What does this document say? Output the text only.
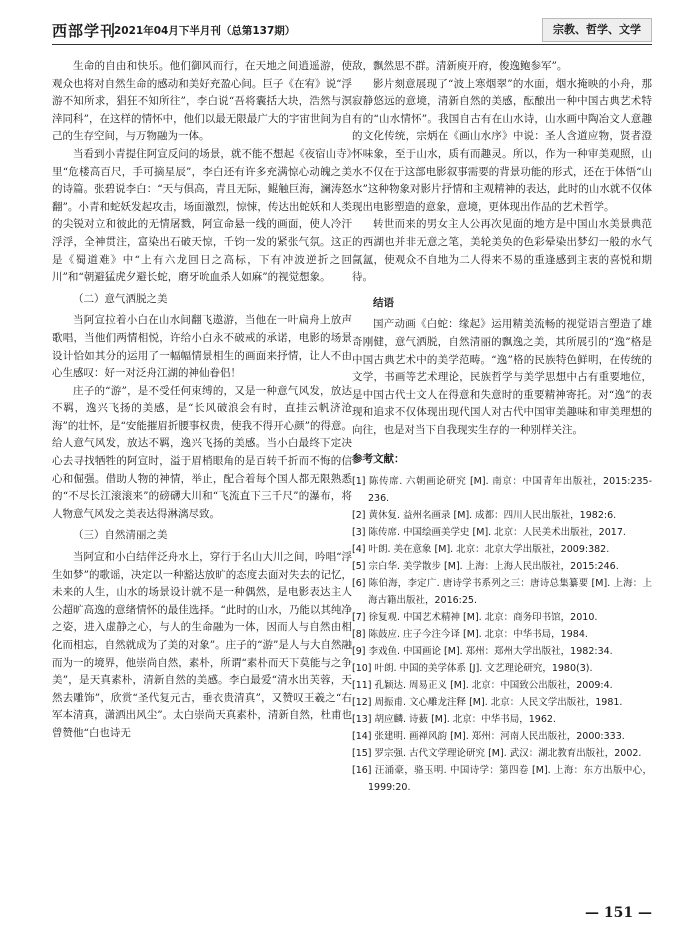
西部学刊
2021年04月下半月刊（总第137期）	宗教、哲学、文学

生命的自由和快乐。他们御风而行，在天地之间逍遥游，使观众也将对自然生命的感动和美好充盈心间。巨子《在宥》说“浮游不知所求，猖狂不知所往”，李白说“吾将囊括大块，浩然与溟涬同科”，在这样的情怀中，他们以最无限最广大的宇宙世间为自己的生存空间，与万物融为一体。

当看到小青提住阿宣反问的场景，就不能不想起《夜宿山寺》里“危楼高百尺，手可摘星辰”，李白还有许多充满惊心动魄之美的诗篇。张碧说李白：“天与俱高，青且无际，鲲触巨海，澜涛怒翻”。小青和蛇妖发起攻击，场面激烈，惊悚，传达出蛇妖和人类的尖锐对立和彼此的无情屠戮，阿宣命悬一线的画面，使人冷汗浮浮，全神贯注，富染出石破天惊，千钧一发的紧张气氛。这正是《蜀道难》中“上有六龙回日之高标，下有冲波逆折之回川”和“朝避猛虎夕避长蛇，磨牙吮血杀人如麻”的视觉想象。

（二）意气洒脱之美

当阿宣拉着小白在山水间翻飞遨游，当他在一叶扁舟上放声歌唱，当他们两情相悦，许给小白永不破戒的承诺，电影的场景设计恰如其分的运用了一幅幅情景相生的画面来抒情，让人不由心生感叹：好一对泛舟江湖的神仙眷侣！

庄子的“游”，是不受任何束缚的，又是一种意气风发，放达不羁，逸兴飞扬的美感，是“长风破浪会有时，直挂云帆济沧海”的壮怀，是“安能摧眉折腰事权贵，使我不得开心颜”的得意。给人意气风发，放达不羁，逸兴飞扬的美感。当小白最终下定决心去寻找牺牲的阿宣时，溢于眉梢眼角的是百转千折而不悔的信心和倔强。借助人物的神情，举止，配合着每个国人都无限熟悉的“不尽长江滚滚来”的磅礴大川和“飞流直下三千尺”的瀑布，将人物意气风发之美表达得淋漓尽致。

（三）自然清丽之美

当阿宣和小白结伴泛舟水上，穿行于名山大川之间，吟唱“浮生如梦”的歌谣，决定以一种豁达放旷的态度去面对失去的记忆，未来的人生，山水的场景设计就不是一种偶然，是电影表达主人公超旷高逸的意绪情怀的最佳选择。“此时的山水，乃能以其纯净之姿，进入虚静之心，与人的生命融为一体，因而人与自然由相化而相忘，自然就成为了美的对象”。庄子的“游”是人与大自然融而为一的境界，他崇尚自然，素朴，所谓“素朴而天下莫能与之争美”，是天真素朴，清新自然的美感。李白最爱“清水出芙蓉，天然去雕饰”，欣赏“圣代复元古，垂衣贵清真”，又赞叹王羲之“右军本清真，潇洒出风尘”。太白崇尚天真素朴，清新自然，杜甫也曾赞他“白也诗无

敌，飘然思不群。清新庾开府，俊逸鲍参军”。

影片刻意展现了“波上寒烟翠”的水面，烟水掩映的小舟，那寂静悠远的意境，清新自然的美感，酝酿出一种中国古典艺术特有的“山水情怀”。我国自古有在山水诗，山水画中陶冶文人意趣的文化传统，宗炳在《画山水序》中说：圣人含道应物，贤者澄怀味象，至于山水，质有而趣灵。所以，作为一种审美观照，山水不仅在于这部电影叙事需要的背景功能的形式，还在于体悟“山水”这种物象对影片抒情和主观精神的表达，此时的山水就不仅体现出电影塑造的意象，意境，更体现出作品的艺术哲学。

转世而来的男女主人公再次见面的地方是中国山水美景典范的西湖也并非无意之笔，美轮美奂的色彩晕染出梦幻一般的水气氤氲，使观众不自地为二人得来不易的重逢感到主衷的喜悦和期待。

结语

国产动画《白蛇：缘起》运用精美流畅的视觉语言塑造了雄奇刚健，意气洒脱，自然清丽的飘逸之美，其所展引的“逸”格是中国古典艺术中的美学范畴。“逸”格的民族特色鲜明，在传统的文学，书画等艺术理论，民族哲学与美学思想中占有重要地位，是中国古代士文人在得意和失意时的重要精神寄托。对“逸”的表现和追求不仅体现出现代国人对古代中国审美趣味和审美理想的向往，也是对当下自我现实生存的一种别样关注。

参考文献：
[1] 陈传席. 六朝画论研究 [M]. 南京：中国青年出版社，2015:235-236.
[2] 黄休复. 益州名画录 [M]. 成都：四川人民出版社，1982:6.
[3] 陈传席. 中国绘画美学史 [M]. 北京：人民美术出版社，2017.
[4] 叶朗. 美在意象 [M]. 北京：北京大学出版社，2009:382.
[5] 宗白华. 美学散步 [M]. 上海：上海人民出版社，2015:246.
[6] 陈伯海，李定广. 唐诗学书系列之三：唐诗总集纂要 [M]. 上海：上海古籍出版社，2016:25.
[7] 徐复观. 中国艺术精神 [M]. 北京：商务印书馆，2010.
[8] 陈鼓应. 庄子今注今译 [M]. 北京：中华书局，1984.
[9] 李戏鱼. 中国画论 [M]. 郑州：郑州大学出版社，1982:34.
[10] 叶朗. 中国的美学体系 [J]. 文艺理论研究，1980(3).
[11] 孔颖达. 周易正义 [M]. 北京：中国致公出版社，2009:4.
[12] 周振甫. 文心雕龙注释 [M]. 北京：人民文学出版社，1981.
[13] 胡应麟. 诗薮 [M]. 北京：中华书局，1962.
[14] 张建明. 画禅风韵 [M]. 郑州：河南人民出版社，2000:333.
[15] 罗宗强. 古代文学理论研究 [M]. 武汉：湖北教育出版社，2002.
[16] 汪涌豪，骆玉明. 中国诗学：第四卷 [M]. 上海：东方出版中心，1999:20.
— 151 —
